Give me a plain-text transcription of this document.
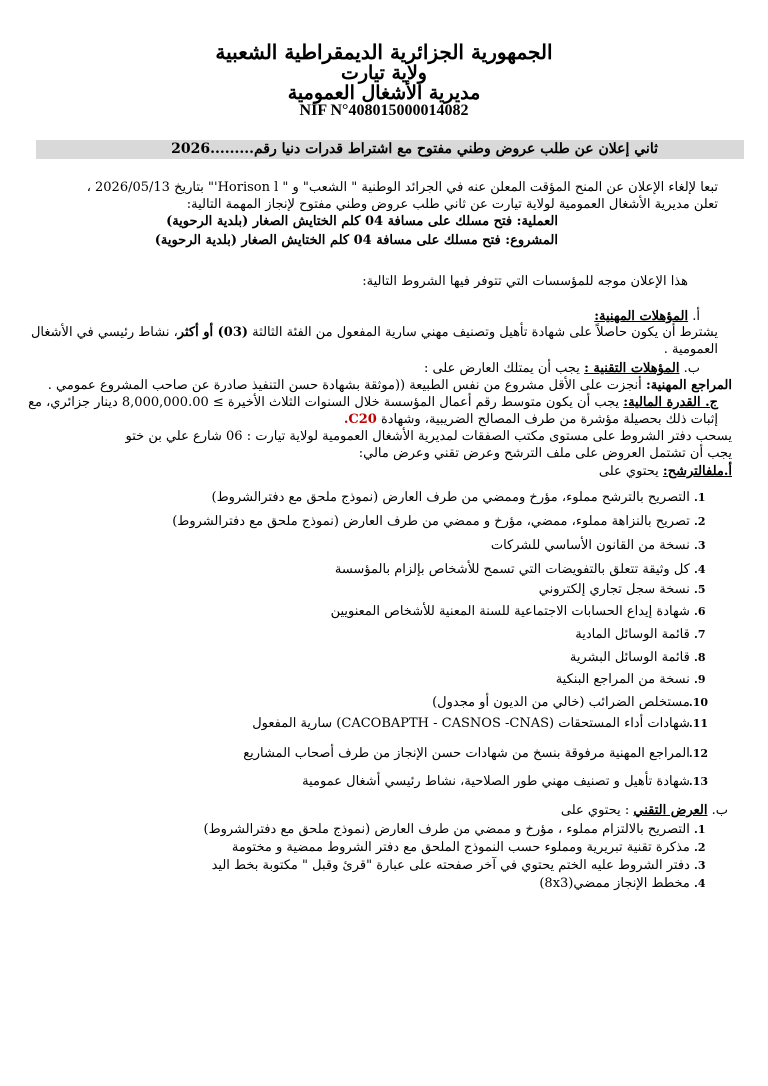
الجمهورية الجزائرية الديمقراطية الشعبية
ولاية تيارت
مديرية الأشغال العمومية
NIF N°408015000014082
ثاني إعلان عن طلب عروض وطني مفتوح مع اشتراط قدرات دنيا رقم.........2026
تبعا لإلغاء الإعلان عن المنح المؤقت المعلن عنه في الجرائد الوطنية " الشعب" و " Horison l'" بتاريخ 2026/05/13 ،
تعلن مديرية الأشغال العمومية لولاية تيارت عن ثاني طلب عروض وطني مفتوح لإنجاز المهمة التالية:
العملية: فتح مسلك على مسافة 04 كلم الختايش الصغار (بلدية الرحوية)
المشروع: فتح مسلك على مسافة 04 كلم الختايش الصغار (بلدية الرحوية)
هذا الإعلان موجه للمؤسسات التي تتوفر فيها الشروط التالية:
أ. المؤهلات المهنية:
يشترط أن يكون حاصلاً على شهادة تأهيل وتصنيف مهني سارية المفعول من الفئة الثالثة (03) أو أكثر، نشاط رئيسي في الأشغال
العمومية .
ب. المؤهلات التقنية : يجب أن يمتلك العارض على :
المراجع المهنية: أنجزت على الأقل مشروع من نفس الطبيعة ((موثقة بشهادة حسن التنفيذ صادرة عن صاحب المشروع عمومي .
ج. القدرة المالية: يجب أن يكون متوسط رقم أعمال المؤسسة خلال السنوات الثلاث الأخيرة ≥ 8,000,000.00 دينار جزائري، مع
إثبات ذلك بحصيلة مؤشرة من طرف المصالح الضريبية، وشهادة C20.
يسحب دفتر الشروط على مستوى مكتب الصفقات لمديرية الأشغال العمومية لولاية تيارت : 06 شارع علي بن ختو
يجب أن تشتمل العروض على ملف الترشح وعرض تقني وعرض مالي:
أ.ملفالترشح: يحتوي على
1. التصريح بالترشح مملوء، مؤرخ وممضي من طرف العارض (نموذج ملحق مع دفترالشروط)
2. تصريح بالنزاهة مملوء، ممضي، مؤرخ و ممضي من طرف العارض (نموذج ملحق مع دفترالشروط)
3. نسخة من القانون الأساسي للشركات
4. كل وثيقة تتعلق بالتفويضات التي تسمح للأشخاص بإلزام بالمؤسسة
5. نسخة سجل تجاري إلكتروني
6. شهادة إيداع الحسابات الاجتماعية للسنة المعنية للأشخاص المعنويين
7. قائمة الوسائل المادية
8. قائمة الوسائل البشرية
9. نسخة من المراجع البنكية
10. مستخلص الضرائب (خالي من الديون أو مجدول)
11. شهادات أداء المستحقات (CACOBAPTH - CASNOS -CNAS) سارية المفعول
12. المراجع المهنية مرفوقة بنسخ من شهادات حسن الإنجاز من طرف أصحاب المشاريع
13. شهادة تأهيل و تصنيف مهني طور الصلاحية، نشاط رئيسي أشغال عمومية
ب. العرض التقني : يحتوي على
1. التصريح بالالتزام مملوء ، مؤرخ و ممضي من طرف العارض (نموذج ملحق مع دفترالشروط)
2. مذكرة تقنية تبريرية ومملوء حسب النموذج الملحق مع دفتر الشروط ممضية و مختومة
3. دفتر الشروط عليه الختم يحتوي في آخر صفحته على عبارة "قرئ وقبل " مكتوبة بخط اليد
4. مخطط الإنجاز ممضي(8x3)
